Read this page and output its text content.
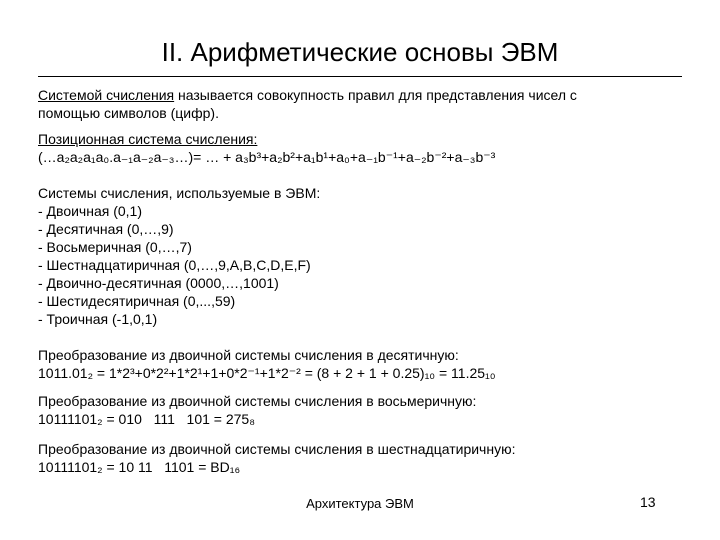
II. Арифметические основы ЭВМ
Системой счисления называется совокупность правил для представления чисел с
помощью символов (цифр).
Позиционная система счисления:
(…a₂a₂a₁a₀.a₋₁a₋₂a₋₃…)= … + a₃b³+a₂b²+a₁b¹+a₀+a₋₁b⁻¹+a₋₂b⁻²+a₋₃b⁻³
Системы счисления, используемые в ЭВМ:
- Двоичная (0,1)
- Десятичная (0,…,9)
- Восьмеричная (0,…,7)
- Шестнадцатиричная (0,…,9,A,B,C,D,E,F)
- Двоично-десятичная (0000,…,1001)
- Шестидесятиричная (0,...,59)
- Троичная (-1,0,1)
Преобразование из двоичной системы счисления в десятичную:
1011.01₂ = 1*2³+0*2²+1*2¹+1+0*2⁻¹+1*2⁻² = (8 + 2 + 1 + 0.25)₁₀ = 11.25₁₀
Преобразование из двоичной системы счисления в восьмеричную:
10111101₂ = 010   111   101 = 275₈
Преобразование из двоичной системы счисления в шестнадцатиричную:
10111101₂ = 10 11   1101 = BD₁₆
Архитектура ЭВМ	13
